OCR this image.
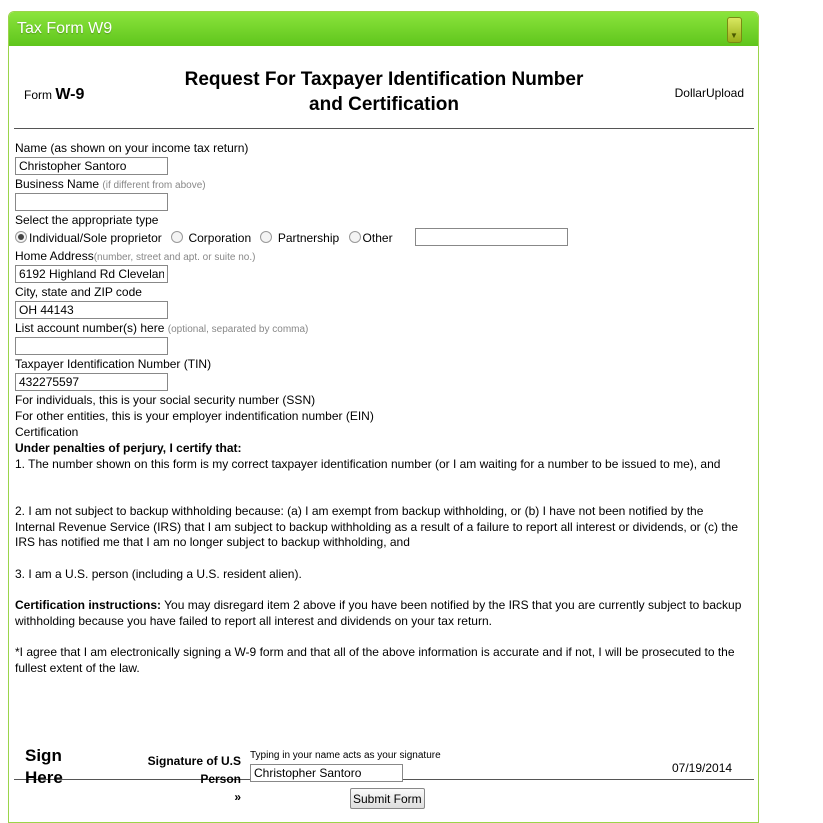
Tax Form W9	▼
Form W-9
Request For Taxpayer Identification Number
and Certification
DollarUpload
Name (as shown on your income tax return)
Christopher Santoro
Business Name (if different from above)
Select the appropriate type
Individual/Sole proprietor Corporation Partnership Other
Home Address(number, street and apt. or suite no.)
6192 Highland Rd Cleveland
City, state and ZIP code
OH 44143
List account number(s) here (optional, separated by comma)
Taxpayer Identification Number (TIN)
432275597
For individuals, this is your social security number (SSN)
For other entities, this is your employer indentification number (EIN)
Certification
Under penalties of perjury, I certify that:
1. The number shown on this form is my correct taxpayer identification number (or I am waiting for a number to be issued to me), and
2. I am not subject to backup withholding because: (a) I am exempt from backup withholding, or (b) I have not been notified by the Internal Revenue Service (IRS) that I am subject to backup withholding as a result of a failure to report all interest or dividends, or (c) the IRS has notified me that I am no longer subject to backup withholding, and
3. I am a U.S. person (including a U.S. resident alien).
Certification instructions: You may disregard item 2 above if you have been notified by the IRS that you are currently subject to backup withholding because you have failed to report all interest and dividends on your tax return.
*I agree that I am electronically signing a W-9 form and that all of the above information is accurate and if not, I will be prosecuted to the fullest extent of the law.
Sign
Here
Signature of U.S Person
»
Typing in your name acts as your signature
Christopher Santoro
07/19/2014
Submit Form
